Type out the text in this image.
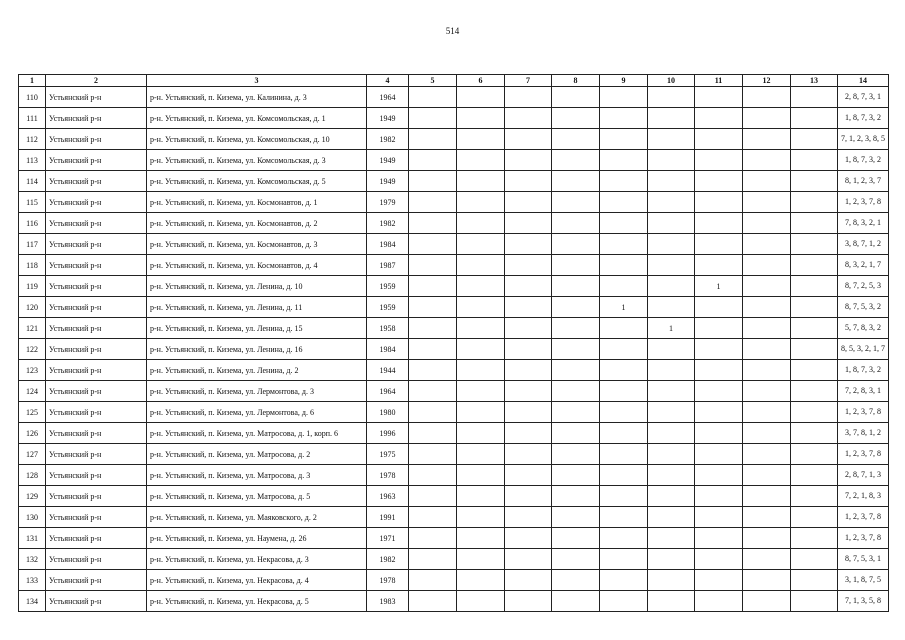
514
1	2	3	4	5	6	7	8	9	10	11	12	13	14
110	Устьянский р-н	р-н. Устьянский, п. Кизема, ул. Калинина, д. 3	1964										2, 8, 7, 3, 1
111	Устьянский р-н	р-н. Устьянский, п. Кизема, ул. Комсомольская, д. 1	1949										1, 8, 7, 3, 2
112	Устьянский р-н	р-н. Устьянский, п. Кизема, ул. Комсомольская, д. 10	1982										7, 1, 2, 3, 8, 5
113	Устьянский р-н	р-н. Устьянский, п. Кизема, ул. Комсомольская, д. 3	1949										1, 8, 7, 3, 2
114	Устьянский р-н	р-н. Устьянский, п. Кизема, ул. Комсомольская, д. 5	1949										8, 1, 2, 3, 7
115	Устьянский р-н	р-н. Устьянский, п. Кизема, ул. Космонавтов, д. 1	1979										1, 2, 3, 7, 8
116	Устьянский р-н	р-н. Устьянский, п. Кизема, ул. Космонавтов, д. 2	1982										7, 8, 3, 2, 1
117	Устьянский р-н	р-н. Устьянский, п. Кизема, ул. Космонавтов, д. 3	1984										3, 8, 7, 1, 2
118	Устьянский р-н	р-н. Устьянский, п. Кизема, ул. Космонавтов, д. 4	1987										8, 3, 2, 1, 7
119	Устьянский р-н	р-н. Устьянский, п. Кизема, ул. Ленина, д. 10	1959							1			8, 7, 2, 5, 3
120	Устьянский р-н	р-н. Устьянский, п. Кизема, ул. Ленина, д. 11	1959					1					8, 7, 5, 3, 2
121	Устьянский р-н	р-н. Устьянский, п. Кизема, ул. Ленина, д. 15	1958						1				5, 7, 8, 3, 2
122	Устьянский р-н	р-н. Устьянский, п. Кизема, ул. Ленина, д. 16	1984										8, 5, 3, 2, 1, 7
123	Устьянский р-н	р-н. Устьянский, п. Кизема, ул. Ленина, д. 2	1944										1, 8, 7, 3, 2
124	Устьянский р-н	р-н. Устьянский, п. Кизема, ул. Лермонтова, д. 3	1964										7, 2, 8, 3, 1
125	Устьянский р-н	р-н. Устьянский, п. Кизема, ул. Лермонтова, д. 6	1980										1, 2, 3, 7, 8
126	Устьянский р-н	р-н. Устьянский, п. Кизема, ул. Матросова, д. 1, корп. 6	1996										3, 7, 8, 1, 2
127	Устьянский р-н	р-н. Устьянский, п. Кизема, ул. Матросова, д. 2	1975										1, 2, 3, 7, 8
128	Устьянский р-н	р-н. Устьянский, п. Кизема, ул. Матросова, д. 3	1978										2, 8, 7, 1, 3
129	Устьянский р-н	р-н. Устьянский, п. Кизема, ул. Матросова, д. 5	1963										7, 2, 1, 8, 3
130	Устьянский р-н	р-н. Устьянский, п. Кизема, ул. Маяковского, д. 2	1991										1, 2, 3, 7, 8
131	Устьянский р-н	р-н. Устьянский, п. Кизема, ул. Наумена, д. 26	1971										1, 2, 3, 7, 8
132	Устьянский р-н	р-н. Устьянский, п. Кизема, ул. Некрасова, д. 3	1982										8, 7, 5, 3, 1
133	Устьянский р-н	р-н. Устьянский, п. Кизема, ул. Некрасова, д. 4	1978										3, 1, 8, 7, 5
134	Устьянский р-н	р-н. Устьянский, п. Кизема, ул. Некрасова, д. 5	1983										7, 1, 3, 5, 8
